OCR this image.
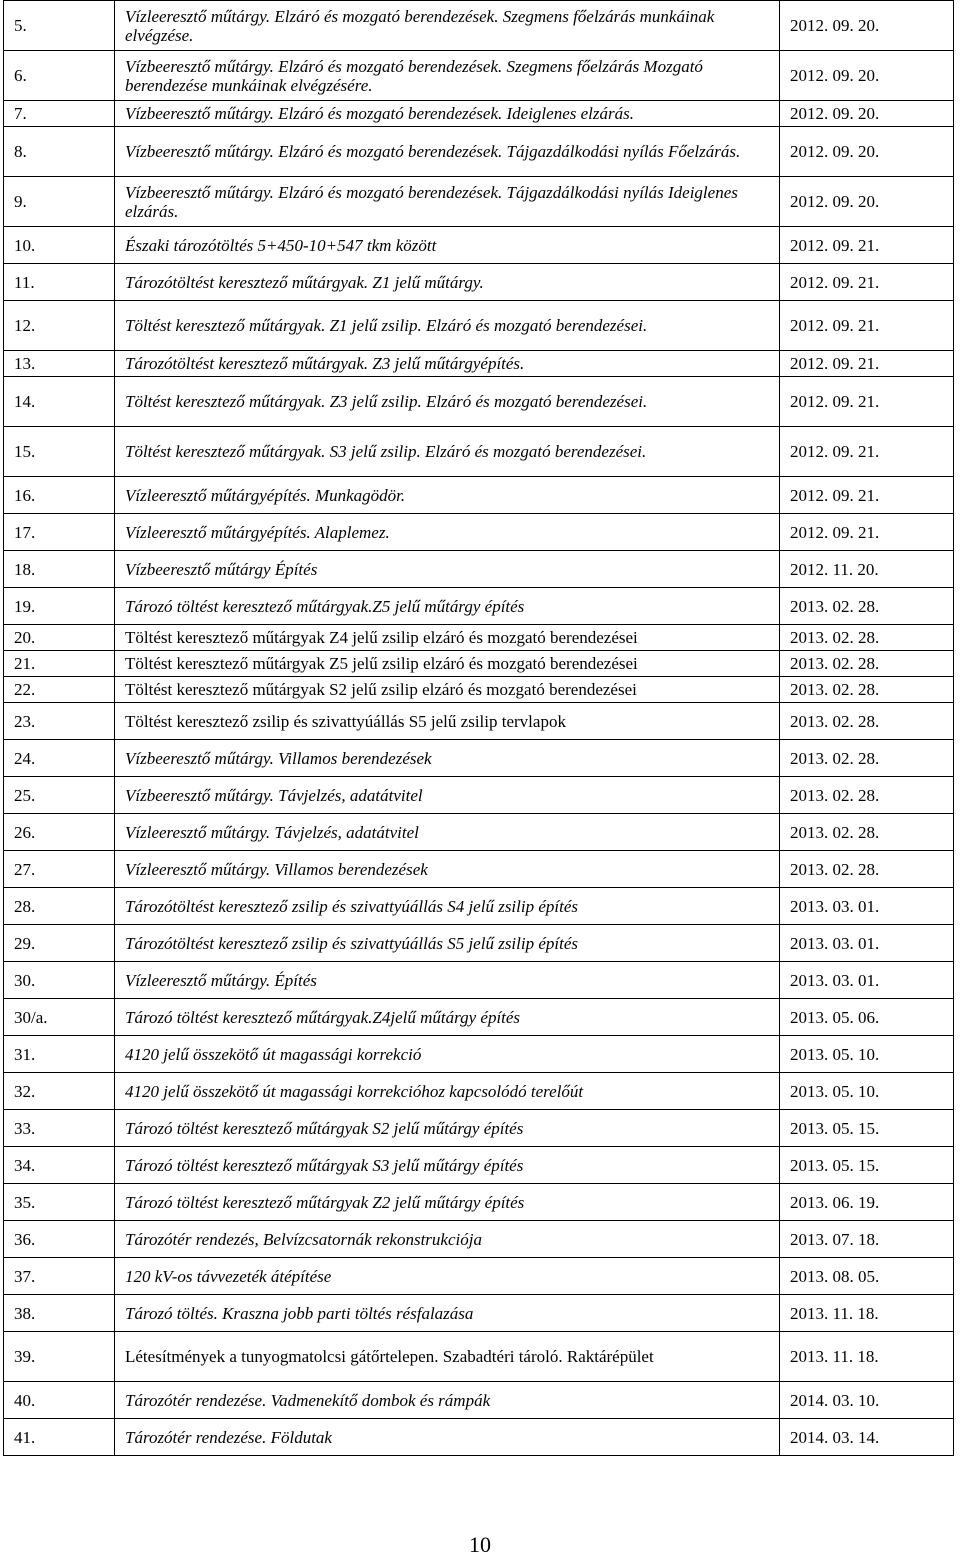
5.	Vízleeresztő műtárgy. Elzáró és mozgató berendezések. Szegmens főelzárás munkáinak elvégzése.	2012. 09. 20.
6.	Vízbeeresztő műtárgy. Elzáró és mozgató berendezések. Szegmens főelzárás Mozgató berendezése munkáinak elvégzésére.	2012. 09. 20.
7.	Vízbeeresztő műtárgy. Elzáró és mozgató berendezések. Ideiglenes elzárás.	2012. 09. 20.
8.	Vízbeeresztő műtárgy. Elzáró és mozgató berendezések. Tájgazdálkodási nyílás Főelzárás.	2012. 09. 20.
9.	Vízbeeresztő műtárgy. Elzáró és mozgató berendezések. Tájgazdálkodási nyílás Ideiglenes elzárás.	2012. 09. 20.
10.	Északi tározótöltés 5+450-10+547 tkm között	2012. 09. 21.
11.	Tározótöltést keresztező műtárgyak. Z1 jelű műtárgy.	2012. 09. 21.
12.	Töltést keresztező műtárgyak. Z1 jelű zsilip. Elzáró és mozgató berendezései.	2012. 09. 21.
13.	Tározótöltést keresztező műtárgyak. Z3 jelű műtárgyépítés.	2012. 09. 21.
14.	Töltést keresztező műtárgyak. Z3 jelű zsilip. Elzáró és mozgató berendezései.	2012. 09. 21.
15.	Töltést keresztező műtárgyak. S3 jelű zsilip. Elzáró és mozgató berendezései.	2012. 09. 21.
16.	Vízleeresztő műtárgyépítés. Munkagödör.	2012. 09. 21.
17.	Vízleeresztő műtárgyépítés. Alaplemez.	2012. 09. 21.
18.	Vízbeeresztő műtárgy Építés	2012. 11. 20.
19.	Tározó töltést keresztező műtárgyak.Z5 jelű műtárgy építés	2013. 02. 28.
20.	Töltést keresztező műtárgyak Z4 jelű zsilip elzáró és mozgató berendezései	2013. 02. 28.
21.	Töltést keresztező műtárgyak Z5 jelű zsilip elzáró és mozgató berendezései	2013. 02. 28.
22.	Töltést keresztező műtárgyak S2 jelű zsilip elzáró és mozgató berendezései	2013. 02. 28.
23.	Töltést keresztező zsilip és szivattyúállás S5 jelű zsilip tervlapok	2013. 02. 28.
24.	Vízbeeresztő műtárgy. Villamos berendezések	2013. 02. 28.
25.	Vízbeeresztő műtárgy. Távjelzés, adatátvitel	2013. 02. 28.
26.	Vízleeresztő műtárgy. Távjelzés, adatátvitel	2013. 02. 28.
27.	Vízleeresztő műtárgy. Villamos berendezések	2013. 02. 28.
28.	Tározótöltést keresztező zsilip és szivattyúállás S4 jelű zsilip építés	2013. 03. 01.
29.	Tározótöltést keresztező zsilip és szivattyúállás S5 jelű zsilip építés	2013. 03. 01.
30.	Vízleeresztő műtárgy. Építés	2013. 03. 01.
30/a.	Tározó töltést keresztező műtárgyak.Z4jelű műtárgy építés	2013. 05. 06.
31.	4120 jelű összekötő út magassági korrekció	2013. 05. 10.
32.	4120 jelű összekötő út magassági korrekcióhoz kapcsolódó terelőút	2013. 05. 10.
33.	Tározó töltést keresztező műtárgyak S2 jelű műtárgy építés	2013. 05. 15.
34.	Tározó töltést keresztező műtárgyak S3 jelű műtárgy építés	2013. 05. 15.
35.	Tározó töltést keresztező műtárgyak Z2 jelű műtárgy építés	2013. 06. 19.
36.	Tározótér rendezés, Belvízcsatornák rekonstrukciója	2013. 07. 18.
37.	120 kV-os távvezeték átépítése	2013. 08. 05.
38.	Tározó töltés. Kraszna jobb parti töltés résfalazása	2013. 11. 18.
39.	Létesítmények a tunyogmatolcsi gátőrtelepen. Szabadtéri tároló. Raktárépület	2013. 11. 18.
40.	Tározótér rendezése. Vadmenekítő dombok és rámpák	2014. 03. 10.
41.	Tározótér rendezése. Földutak	2014. 03. 14.
10
